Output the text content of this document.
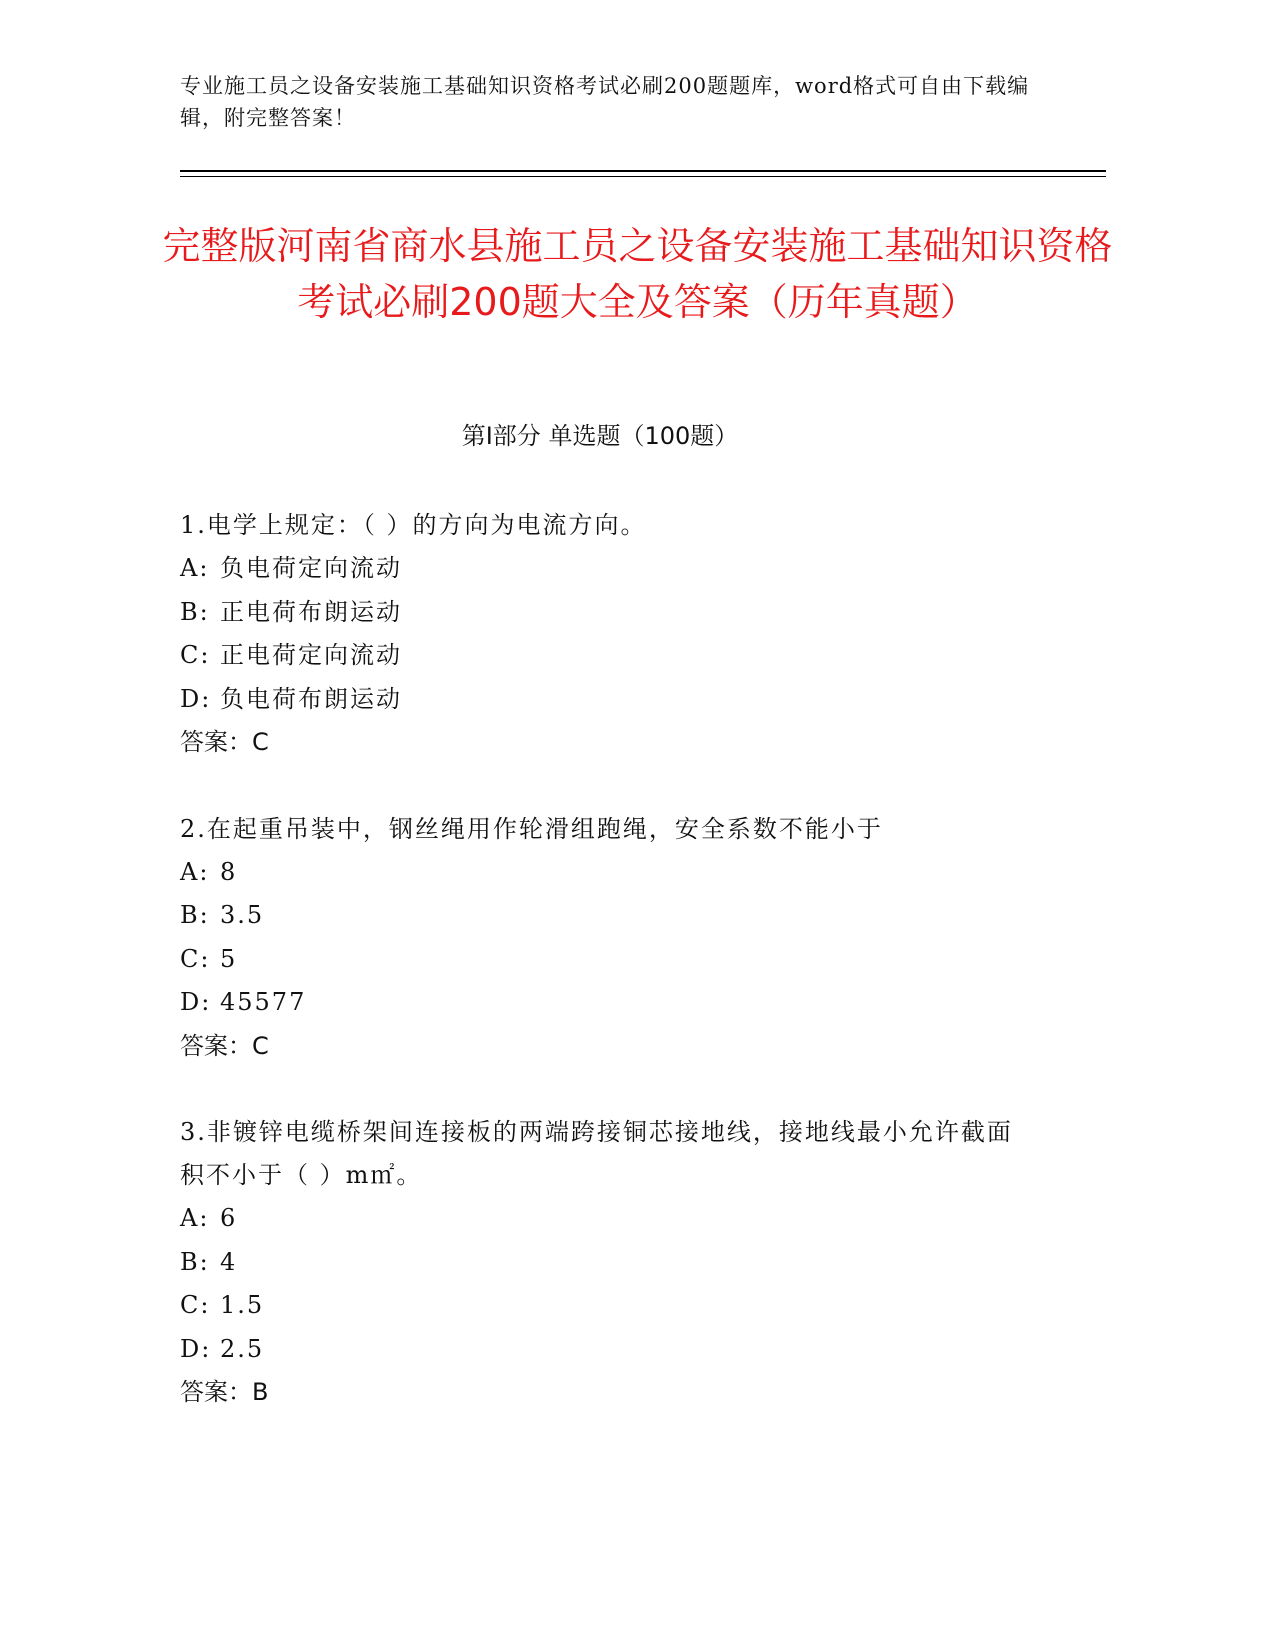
专业施工员之设备安装施工基础知识资格考试必刷200题题库，word格式可自由下载编辑，附完整答案！
完整版河南省商水县施工员之设备安装施工基础知识资格考试必刷200题大全及答案（历年真题）
第Ⅰ部分 单选题（100题）
1.电学上规定：（ ）的方向为电流方向。
A: 负电荷定向流动
B: 正电荷布朗运动
C: 正电荷定向流动
D: 负电荷布朗运动
答案：C
2.在起重吊装中，钢丝绳用作轮滑组跑绳，安全系数不能小于
A: 8
B: 3.5
C: 5
D: 45577
答案：C
3.非镀锌电缆桥架间连接板的两端跨接铜芯接地线，接地线最小允许截面积不小于（ ）m㎡。
A: 6
B: 4
C: 1.5
D: 2.5
答案：B
